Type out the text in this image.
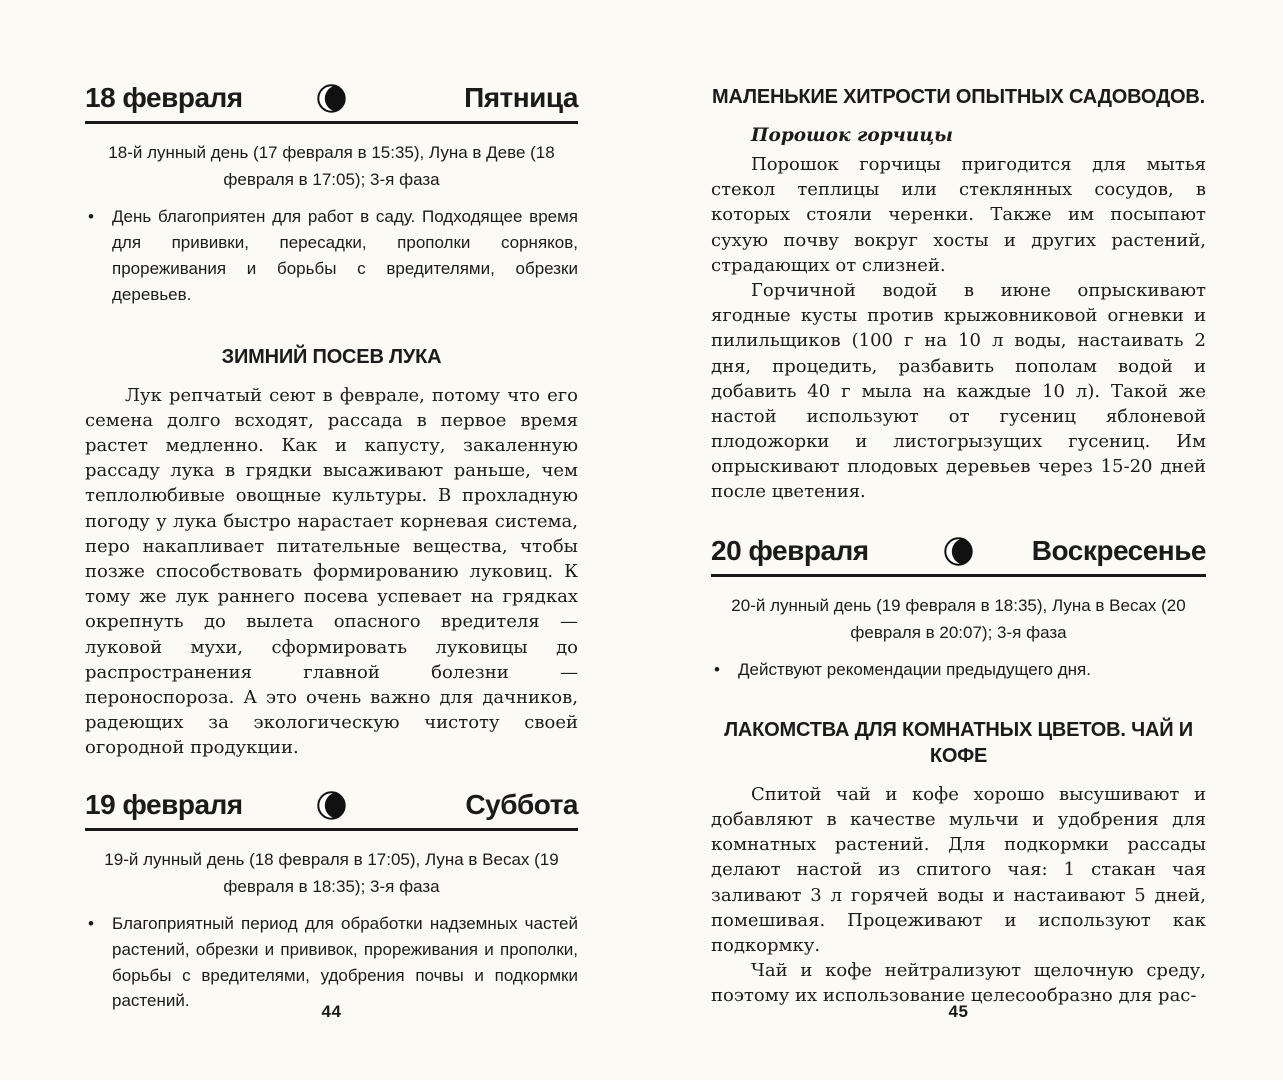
18 февраля	Пятница

18-й лунный день (17 февраля в 15:35), Луна в Деве (18 февраля в 17:05); 3-я фаза

•	День благоприятен для работ в саду. Подходящее время для прививки, пересадки, прополки сорняков, прореживания и борьбы с вредителями, обрезки деревьев.
ЗИМНИЙ ПОСЕВ ЛУКА

Лук репчатый сеют в феврале, потому что его семена долго всходят, рассада в первое время растет медленно. Как и капусту, закаленную рассаду лука в грядки высаживают раньше, чем теплолюбивые овощные культуры. В прохладную погоду у лука быстро нарастает корневая система, перо накапливает питательные вещества, чтобы позже способствовать формированию луковиц. К тому же лук раннего посева успевает на грядках окрепнуть до вылета опасного вредителя — луковой мухи, сформировать луковицы до распространения главной болезни — пероноспороза. А это очень важно для дачников, радеющих за экологическую чистоту своей огородной продукции.

19 февраля	Суббота

19-й лунный день (18 февраля в 17:05), Луна в Весах (19 февраля в 18:35); 3-я фаза

•	Благоприятный период для обработки надземных частей растений, обрезки и прививок, прореживания и прополки, борьбы с вредителями, удобрения почвы и подкормки растений.
44
МАЛЕНЬКИЕ ХИТРОСТИ ОПЫТНЫХ САДОВОДОВ.

Порошок горчицы

Порошок горчицы пригодится для мытья стекол теплицы или стеклянных сосудов, в которых стояли черенки. Также им посыпают сухую почву вокруг хосты и других растений, страдающих от слизней.

Горчичной водой в июне опрыскивают ягодные кусты против крыжовниковой огневки и пилильщиков (100 г на 10 л воды, настаивать 2 дня, процедить, разбавить пополам водой и добавить 40 г мыла на каждые 10 л). Такой же настой используют от гусениц яблоневой плодожорки и листогрызущих гусениц. Им опрыскивают плодовых деревьев через 15-20 дней после цветения.

20 февраля	Воскресенье

20-й лунный день (19 февраля в 18:35), Луна в Весах (20 февраля в 20:07); 3-я фаза

•	Действуют рекомендации предыдущего дня.
ЛАКОМСТВА ДЛЯ КОМНАТНЫХ ЦВЕТОВ. ЧАЙ И КОФЕ

Спитой чай и кофе хорошо высушивают и добавляют в качестве мульчи и удобрения для комнатных растений. Для подкормки рассады делают настой из спитого чая: 1 стакан чая заливают 3 л горячей воды и настаивают 5 дней, помешивая. Процеживают и используют как подкормку.

Чай и кофе нейтрализуют щелочную среду, поэтому их использование целесообразно для рас-

45
